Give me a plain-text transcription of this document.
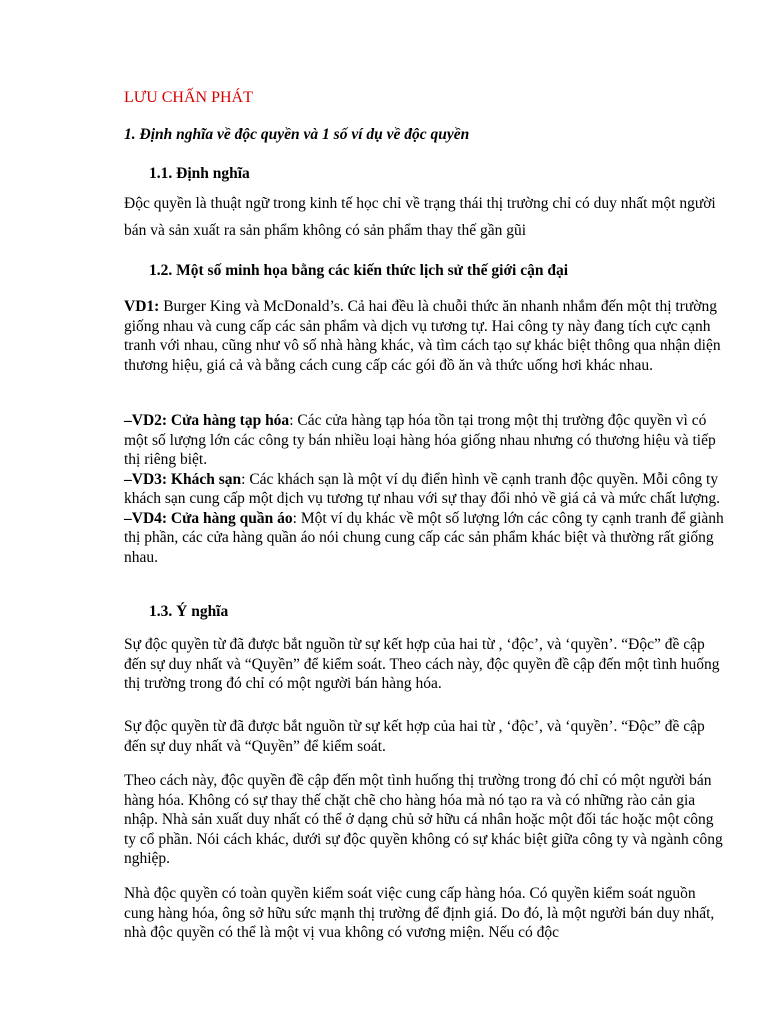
LƯU CHẤN PHÁT

1. Định nghĩa về độc quyền và 1 số ví dụ về độc quyền

1.1. Định nghĩa

Độc quyền là thuật ngữ trong kinh tế học chỉ về trạng thái thị trường chỉ có duy nhất một người bán và sản xuất ra sản phẩm không có sản phẩm thay thế gần gũi

1.2. Một số minh họa bằng các kiến thức lịch sử thế giới cận đại

VD1: Burger King và McDonald’s. Cả hai đều là chuỗi thức ăn nhanh nhắm đến một thị trường giống nhau và cung cấp các sản phẩm và dịch vụ tương tự. Hai công ty này đang tích cực cạnh tranh với nhau, cũng như vô số nhà hàng khác, và tìm cách tạo sự khác biệt thông qua nhận diện thương hiệu, giá cả và bằng cách cung cấp các gói đồ ăn và thức uống hơi khác nhau.

–VD2: Cửa hàng tạp hóa: Các cửa hàng tạp hóa tồn tại trong một thị trường độc quyền vì có một số lượng lớn các công ty bán nhiều loại hàng hóa giống nhau nhưng có thương hiệu và tiếp thị riêng biệt.
–VD3: Khách sạn: Các khách sạn là một ví dụ điển hình về cạnh tranh độc quyền. Mỗi công ty khách sạn cung cấp một dịch vụ tương tự nhau với sự thay đổi nhỏ về giá cả và mức chất lượng.
–VD4: Cửa hàng quần áo: Một ví dụ khác về một số lượng lớn các công ty cạnh tranh để giành thị phần, các cửa hàng quần áo nói chung cung cấp các sản phẩm khác biệt và thường rất giống nhau.

1.3. Ý nghĩa

Sự độc quyền từ đã được bắt nguồn từ sự kết hợp của hai từ , ‘độc’, và ‘quyền’. “Độc” đề cập đến sự duy nhất và “Quyền” để kiểm soát. Theo cách này, độc quyền đề cập đến một tình huống thị trường trong đó chỉ có một người bán hàng hóa.

Sự độc quyền từ đã được bắt nguồn từ sự kết hợp của hai từ , ‘độc’, và ‘quyền’. “Độc” đề cập đến sự duy nhất và “Quyền” để kiểm soát.

Theo cách này, độc quyền đề cập đến một tình huống thị trường trong đó chỉ có một người bán hàng hóa. Không có sự thay thế chặt chẽ cho hàng hóa mà nó tạo ra và có những rào cản gia nhập. Nhà sản xuất duy nhất có thể ở dạng chủ sở hữu cá nhân hoặc một đối tác hoặc một công ty cổ phần. Nói cách khác, dưới sự độc quyền không có sự khác biệt giữa công ty và ngành công nghiệp.

Nhà độc quyền có toàn quyền kiểm soát việc cung cấp hàng hóa. Có quyền kiểm soát nguồn cung hàng hóa, ông sở hữu sức mạnh thị trường để định giá. Do đó, là một người bán duy nhất, nhà độc quyền có thể là một vị vua không có vương miện. Nếu có độc
